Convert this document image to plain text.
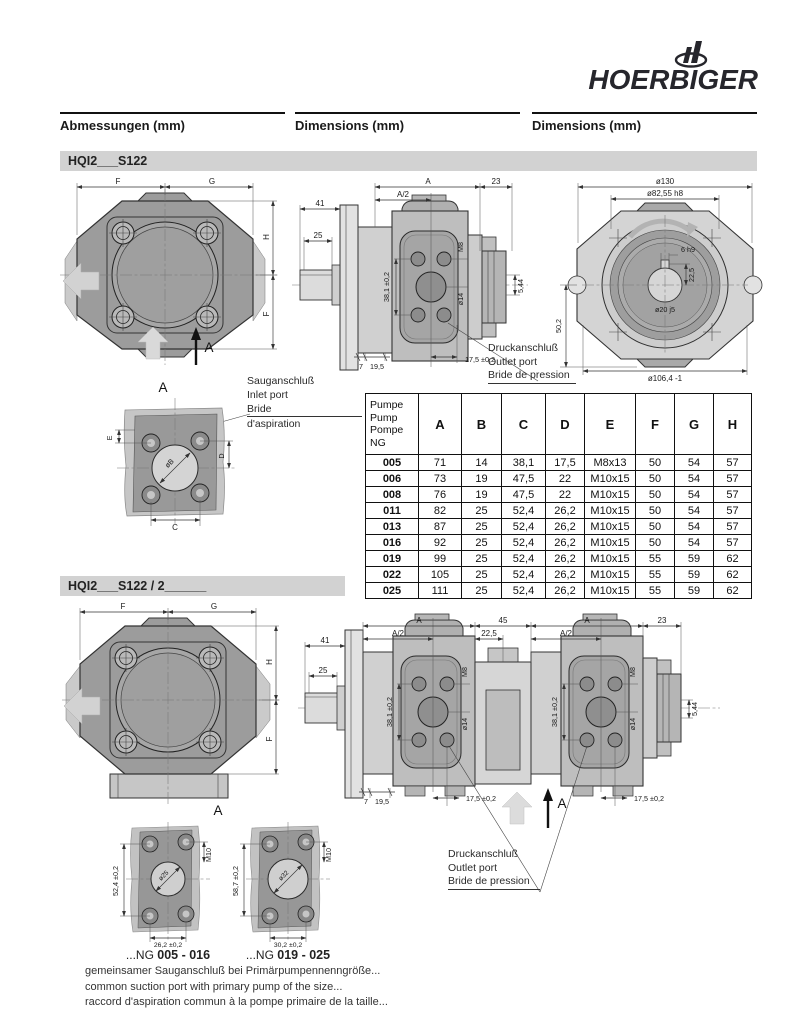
HOERBIGER
Abmessungen (mm)	Dimensions (mm)	Dimensions (mm)
HQI2___S122
F	G
H
F
A
A
A/2
23
41
25
38,1 ±0,2
M8
ø14
5,44
7 19,5
17,5 ±0,2
ø130
ø82,55 h8
6 h9
22,5
ø20 j5
ø106,4 -1
50,2
Druckanschluß
Outlet port
Bride de pression
A
øB
E
D
C
Sauganschluß
Inlet port
Bride
d'aspiration
Pumpe
Pump
Pompe
NG	A	B	C	D	E	F	G	H
005	71	14	38,1	17,5	M8x13	50	54	57
006	73	19	47,5	22	M10x15	50	54	57
008	76	19	47,5	22	M10x15	50	54	57
011	82	25	52,4	26,2	M10x15	50	54	57
013	87	25	52,4	26,2	M10x15	50	54	57
016	92	25	52,4	26,2	M10x15	50	54	57
019	99	25	52,4	26,2	M10x15	55	59	62
022	105	25	52,4	26,2	M10x15	55	59	62
025	111	25	52,4	26,2	M10x15	55	59	62
HQI2___S122 / 2______
F	G
H
F
A
A/2
45
22,5
A
A/2
23
41
25
38,1 ±0,2	38,1 ±0,2
M8	M8
ø14	ø14
5,44
7 19,5	17,5 ±0,2	17,5 ±0,2
A
Druckanschluß
Outlet port
Bride de pression
A
ø25
52,4 ±0,2
M10
26,2 ±0,2
ø32
58,7 ±0,2
M10
30,2 ±0,2
...NG 005 - 016	...NG 019 - 025
gemeinsamer Sauganschluß bei Primärpumpennenngröße...
common suction port with primary pump of the size...
raccord d'aspiration commun à la pompe primaire de la taille...
